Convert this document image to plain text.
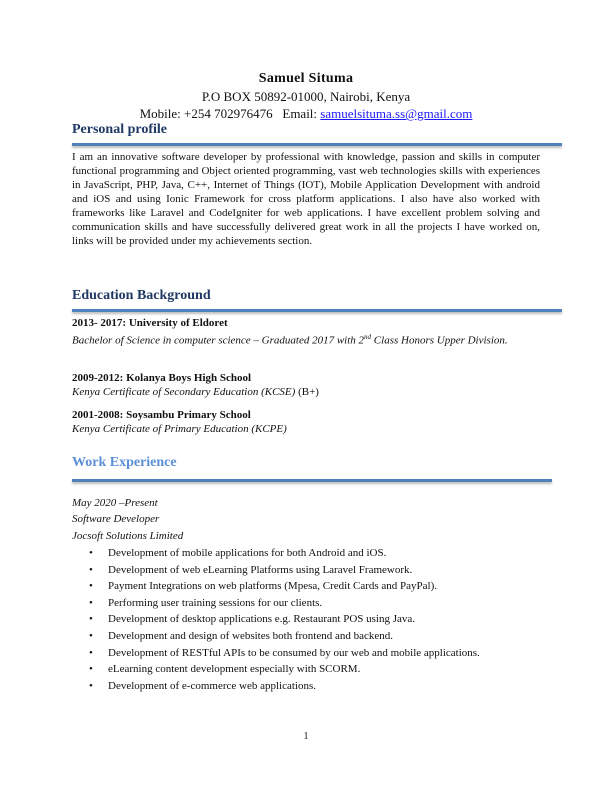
Samuel Situma
P.O BOX 50892-01000, Nairobi, Kenya
Mobile: +254 702976476 Email: samuelsituma.ss@gmail.com
Personal profile
I am an innovative software developer by professional with knowledge, passion and skills in computer functional programming and Object oriented programming, vast web technologies skills with experiences in JavaScript, PHP, Java, C++, Internet of Things (IOT), Mobile Application Development with android and iOS and using Ionic Framework for cross platform applications. I also have also worked with frameworks like Laravel and CodeIgniter for web applications. I have excellent problem solving and communication skills and have successfully delivered great work in all the projects I have worked on, links will be provided under my achievements section.
Education Background
2013- 2017: University of Eldoret
Bachelor of Science in computer science – Graduated 2017 with 2nd Class Honors Upper Division.
2009-2012: Kolanya Boys High School
Kenya Certificate of Secondary Education (KCSE) (B+)
2001-2008: Soysambu Primary School
Kenya Certificate of Primary Education (KCPE)
Work Experience
May 2020 –Present
Software Developer
Jocsoft Solutions Limited
• Development of mobile applications for both Android and iOS.
• Development of web eLearning Platforms using Laravel Framework.
• Payment Integrations on web platforms (Mpesa, Credit Cards and PayPal).
• Performing user training sessions for our clients.
• Development of desktop applications e.g. Restaurant POS using Java.
• Development and design of websites both frontend and backend.
• Development of RESTful APIs to be consumed by our web and mobile applications.
• eLearning content development especially with SCORM.
• Development of e-commerce web applications.
1
